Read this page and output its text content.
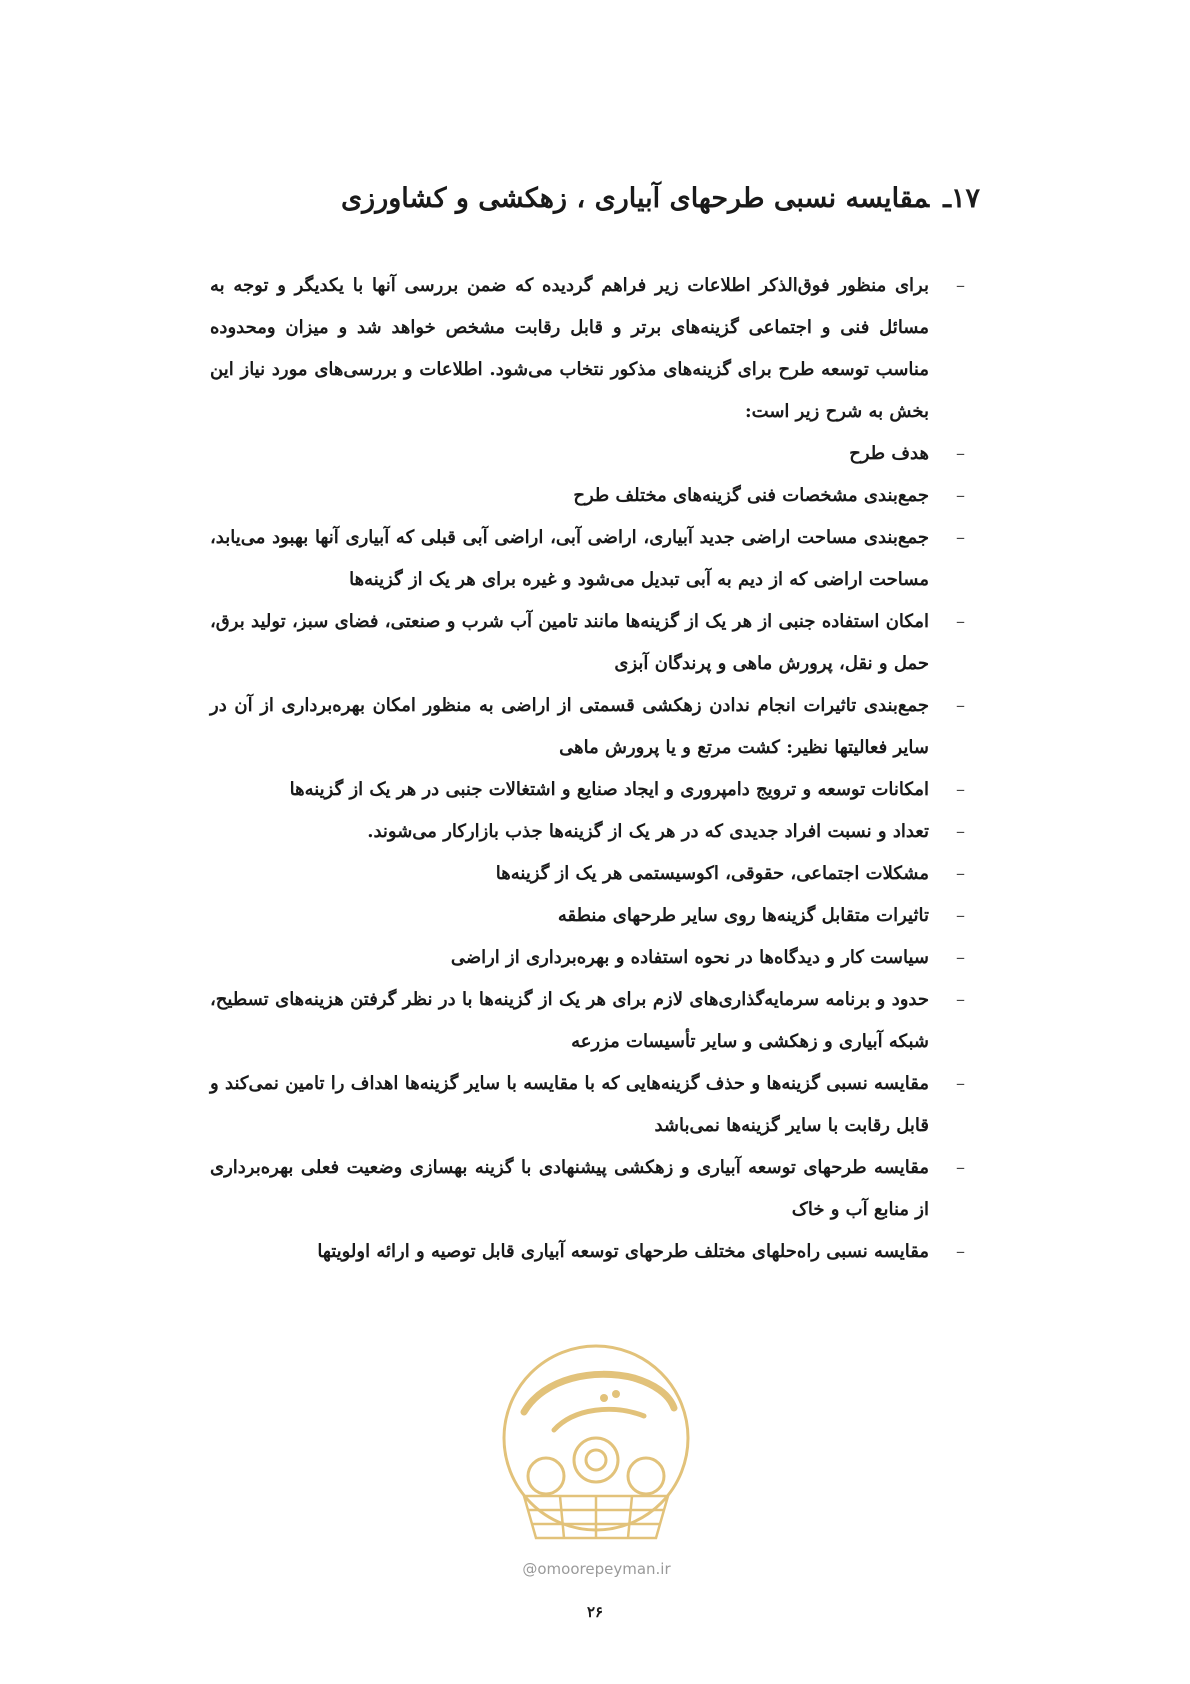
۱۷ـمقایسه نسبی طرحهای آبیاری ، زهکشی و کشاورزی
–
برای منظور فوق‌الذکر اطلاعات زیر فراهم گردیده که ضمن بررسی آنها با یکدیگر و توجه به مسائل فنی و اجتماعی گزینه‌های برتر و قابل رقابت مشخص خواهد شد و میزان ومحدوده مناسب توسعه طرح برای گزینه‌های مذکور نتخاب می‌شود. اطلاعات و بررسی‌های مورد نیاز این بخش به شرح زیر است:
–
هدف طرح
–
جمع‌بندی مشخصات فنی گزینه‌های مختلف طرح
–
جمع‌بندی مساحت اراضی جدید آبیاری، اراضی آبی، اراضی آبی قبلی که آبیاری آنها بهبود می‌یابد، مساحت اراضی که از دیم به آبی تبدیل می‌شود و غیره برای هر یک از گزینه‌ها
–
امکان استفاده جنبی از هر یک از گزینه‌ها مانند تامین آب شرب و صنعتی، فضای سبز، تولید برق، حمل و نقل، پرورش ماهی و پرندگان آبزی
–
جمع‌بندی تاثیرات انجام ندادن زهکشی قسمتی از اراضی به منظور امکان بهره‌برداری از آن در سایر فعالیتها نظیر: کشت مرتع و یا پرورش ماهی
–
امکانات توسعه و ترویج دامپروری و ایجاد صنایع و اشتغالات جنبی در هر یک از گزینه‌ها
–
تعداد و نسبت افراد جدیدی که در هر یک از گزینه‌ها جذب بازارکار می‌شوند.
–
مشکلات اجتماعی، حقوقی، اکوسیستمی هر یک از گزینه‌ها
–
تاثیرات متقابل گزینه‌ها روی سایر طرحهای منطقه
–
سیاست کار و دیدگاه‌ها در نحوه استفاده و بهره‌برداری از اراضی
–
حدود و برنامه سرمایه‌گذاری‌های لازم برای هر یک از گزینه‌ها با در نظر گرفتن هزینه‌های تسطیح، شبکه آبیاری و زهکشی و سایر تأسیسات مزرعه
–
مقایسه نسبی گزینه‌ها و حذف گزینه‌هایی که با مقایسه با سایر گزینه‌ها اهداف را تامین نمی‌کند و قابل رقابت با سایر گزینه‌ها نمی‌باشد
–
مقایسه طرحهای توسعه آبیاری و زهکشی پیشنهادی با گزینه بهسازی وضعیت فعلی بهره‌برداری از منابع آب و خاک
–
مقایسه نسبی راه‌حلهای مختلف طرحهای توسعه آبیاری قابل توصیه و ارائه اولویتها
@omoorepeyman.ir
۲۶
